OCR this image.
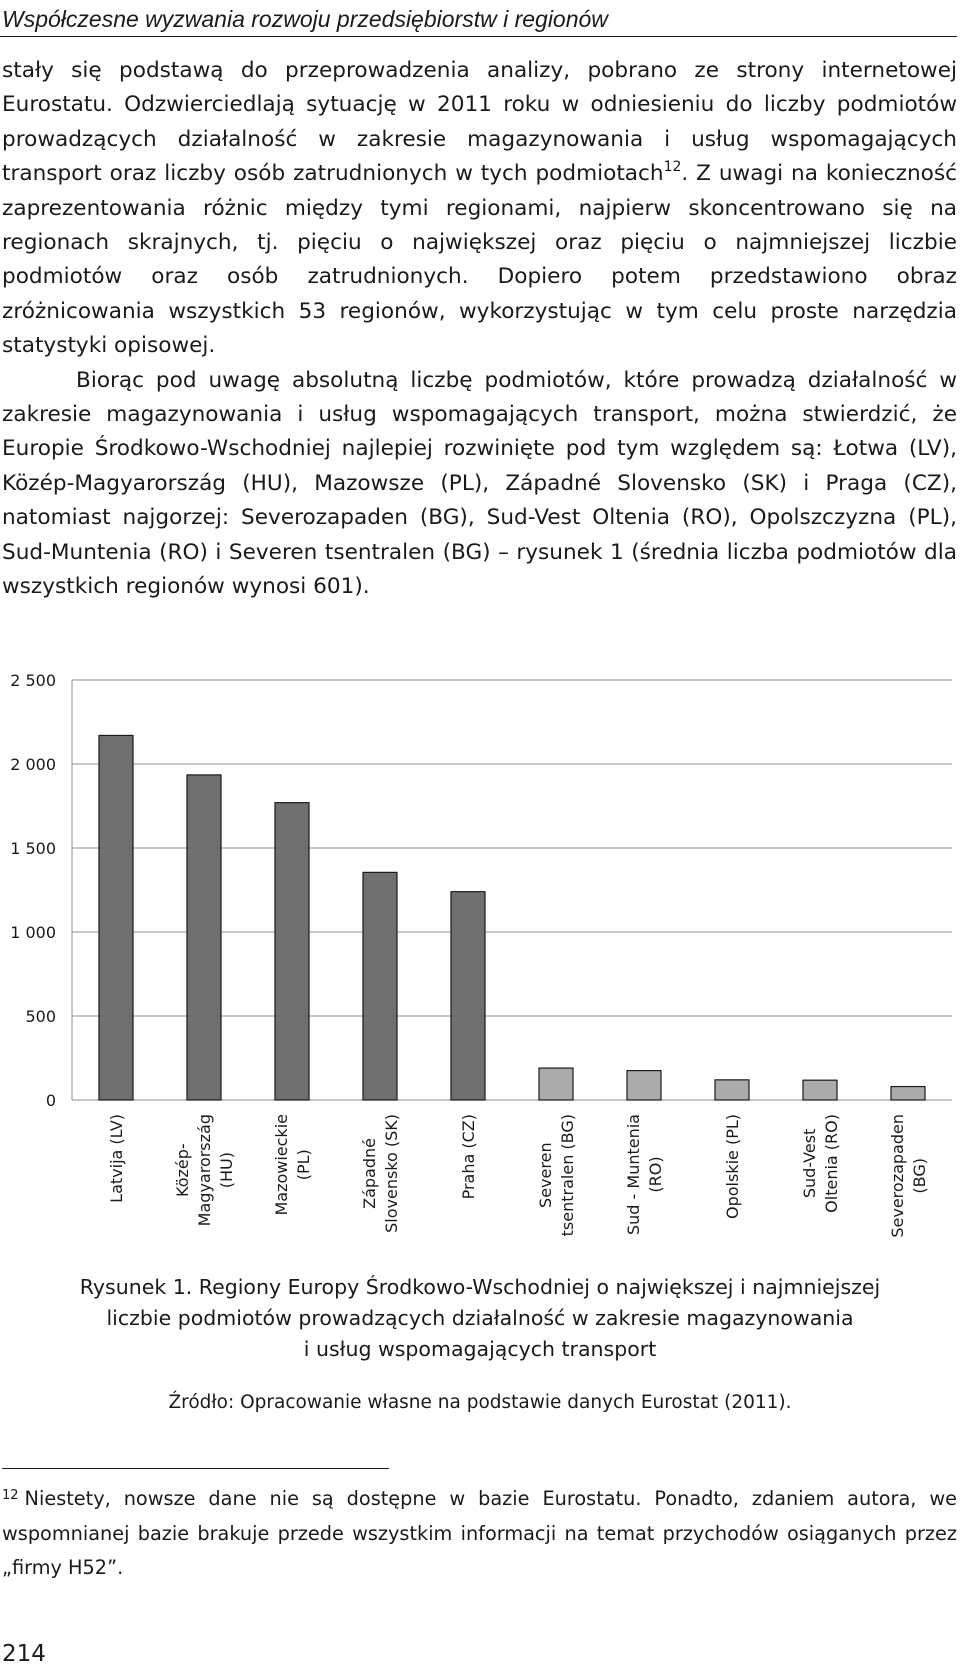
Współczesne wyzwania rozwoju przedsiębiorstw i regionów

stały się podstawą do przeprowadzenia analizy, pobrano ze strony internetowej Eurostatu. Odzwierciedlają sytuację w 2011 roku w odniesieniu do liczby podmiotów prowadzących działalność w zakresie magazynowania i usług wspomagających transport oraz liczby osób zatrudnionych w tych podmiotach$^{12}$. Z uwagi na konieczność zaprezentowania różnic między tymi regionami, najpierw skoncentrowano się na regionach skrajnych, tj. pięciu o największej oraz pięciu o najmniejszej liczbie podmiotów oraz osób zatrudnionych. Dopiero potem przedstawiono obraz zróżnicowania wszystkich 53 regionów, wykorzystując w tym celu proste narzędzia statystyki opisowej.

Biorąc pod uwagę absolutną liczbę podmiotów, które prowadzą działalność w zakresie magazynowania i usług wspomagających transport, można stwierdzić, że Europie Środkowo-Wschodniej najlepiej rozwinięte pod tym względem są: Łotwa (LV), Közép-Magyarország (HU), Mazowsze (PL), Západné Slovensko (SK) i Praga (CZ), natomiast najgorzej: Severozapaden (BG), Sud-Vest Oltenia (RO), Opolszczyzna (PL), Sud-Muntenia (RO) i Severen tsentralen (BG) – rysunek 1 (średnia liczba podmiotów dla wszystkich regionów wynosi 601).

0
500
1 000
1 500
2 000
2 500
Latvija (LV)	Közép- Magyarország (HU) Mazowieckie (PL)	Západné Slovensko (SK)	Praha (CZ)	Severen tsentralen (BG)	Sud - Muntenia (RO)	Opolskie (PL)	Sud-Vest Oltenia (RO)	Severozapaden (BG)
Rysunek 1. Regiony Europy Środkowo-Wschodniej o największej i najmniejszej
liczbie podmiotów prowadzących działalność w zakresie magazynowania
i usług wspomagających transport
Źródło: Opracowanie własne na podstawie danych Eurostat (2011).
$^{12}$ Niestety, nowsze dane nie są dostępne w bazie Eurostatu. Ponadto, zdaniem autora, we wspomnianej bazie brakuje przede wszystkim informacji na temat przychodów osiąganych przez „firmy H52”.
214
